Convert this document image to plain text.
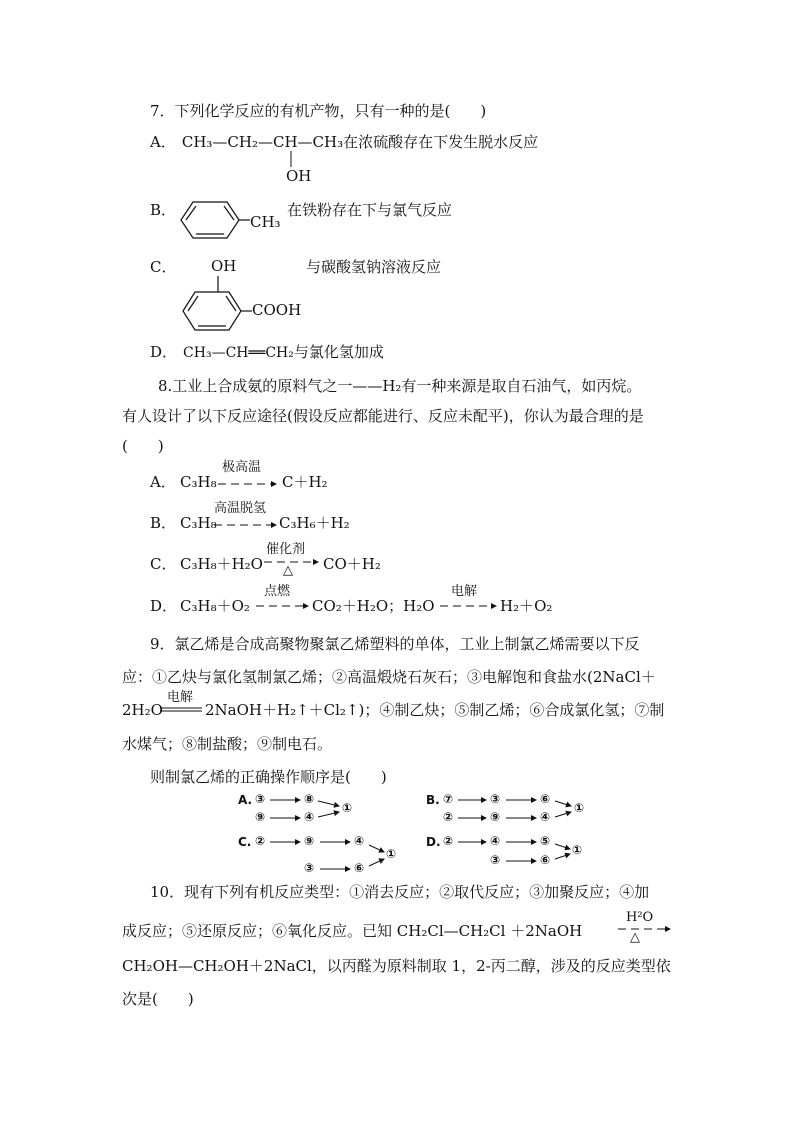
7．下列化学反应的有机产物，只有一种的是(　　)
A． CH₃—CH₂—CH—CH₃在浓硫酸存在下发生脱水反应
OH
B．
CH₃
在铁粉存在下与氯气反应
C． OH	与碳酸氢钠溶液反应
COOH
D． CH₃—CH══CH₂与氯化氢加成
8.工业上合成氨的原料气之一——H₂有一种来源是取自石油气，如丙烷。
有人设计了以下反应途径(假设反应都能进行、反应未配平)，你认为最合理的是
(　　)
A． C₃H₈
极高温
C＋H₂
B． C₃H₈
高温脱氢
C₃H₆＋H₂
C． C₃H₈＋H₂O
催化剂
△ CO＋H₂
D． C₃H₈＋O₂
点燃
CO₂＋H₂O；H₂O
电解
H₂＋O₂
9．氯乙烯是合成高聚物聚氯乙烯塑料的单体，工业上制氯乙烯需要以下反
应：①乙炔与氯化氢制氯乙烯；②高温煅烧石灰石；③电解饱和食盐水(2NaCl＋
2H₂O
电解
2NaOH＋H₂↑＋Cl₂↑)；④制乙炔；⑤制乙烯；⑥合成氯化氢；⑦制
水煤气；⑧制盐酸；⑨制电石。
则制氯乙烯的正确操作顺序是(　　)
A. ③	⑧
⑨	④
①
B. ⑦	③	⑥
②	⑨	④
①
C. ②	⑨	④
③	⑥
①
D. ②	④	⑤
③	⑥
①
10．现有下列有机反应类型：①消去反应；②取代反应；③加聚反应；④加
成反应；⑤还原反应；⑥氧化反应。已知 CH₂Cl—CH₂Cl ＋2NaOH
H²O
△
CH₂OH—CH₂OH＋2NaCl，以丙醛为原料制取 1，2-丙二醇，涉及的反应类型依
次是(　　)
